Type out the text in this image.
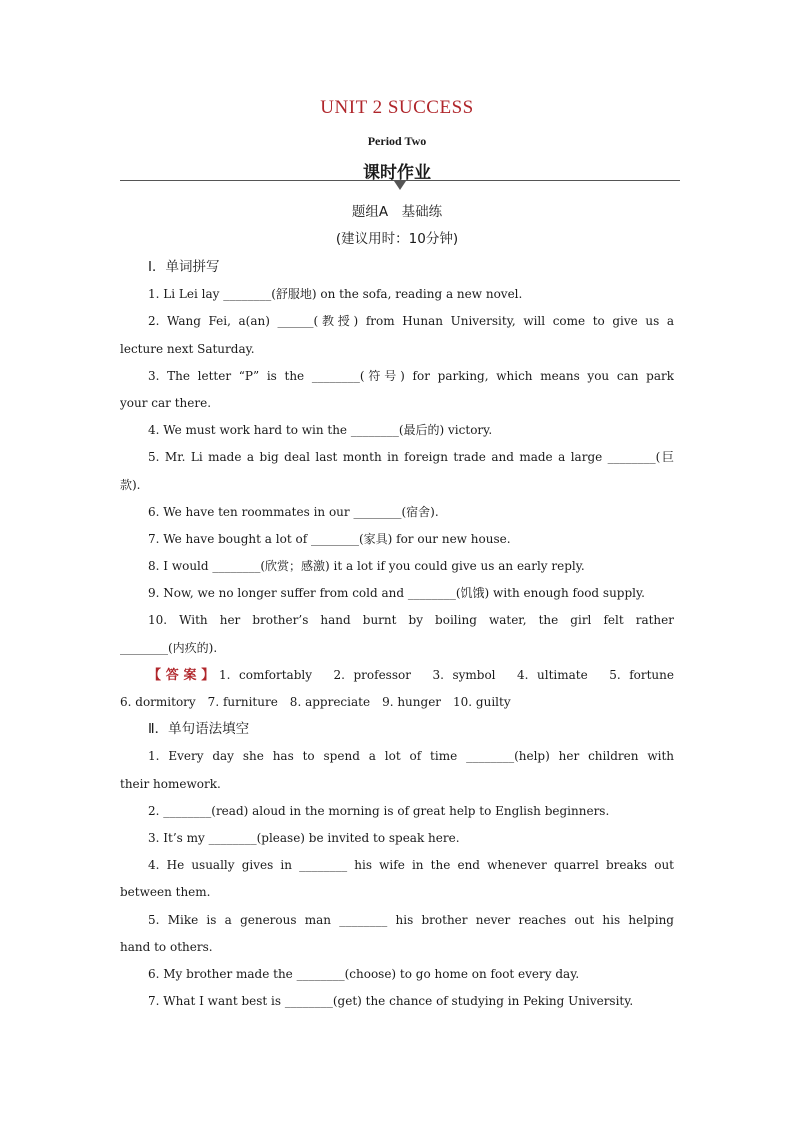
UNIT 2 SUCCESS
Period Two
课时作业
题组A　基础练
(建议用时：10分钟)
Ⅰ．单词拼写
1. Li Lei lay ________(舒服地) on the sofa, reading a new novel.
2. Wang Fei, a(an) ______(教授) from Hunan University, will come to give us a
lecture next Saturday.
3. The letter “P” is the ________(符号) for parking, which means you can park
your car there.
4. We must work hard to win the ________(最后的) victory.
5. Mr. Li made a big deal last month in foreign trade and made a large ________(巨
款).
6. We have ten roommates in our ________(宿舍).
7. We have bought a lot of ________(家具) for our new house.
8. I would ________(欣赏；感激) it a lot if you could give us an early reply.
9. Now, we no longer suffer from cold and ________(饥饿) with enough food supply.
10. With her brother’s hand burnt by boiling water, the girl felt rather
________(内疚的).
【答案】1. comfortably　2. professor　3. symbol　4. ultimate　5. fortune
6. dormitory　7. furniture　8. appreciate　9. hunger　10. guilty
Ⅱ．单句语法填空
1. Every day she has to spend a lot of time ________(help) her children with
their homework.
2. ________(read) aloud in the morning is of great help to English beginners.
3. It’s my ________(please) be invited to speak here.
4. He usually gives in ________ his wife in the end whenever quarrel breaks out
between them.
5. Mike is a generous man ________ his brother never reaches out his helping
hand to others.
6. My brother made the ________(choose) to go home on foot every day.
7. What I want best is ________(get) the chance of studying in Peking University.
